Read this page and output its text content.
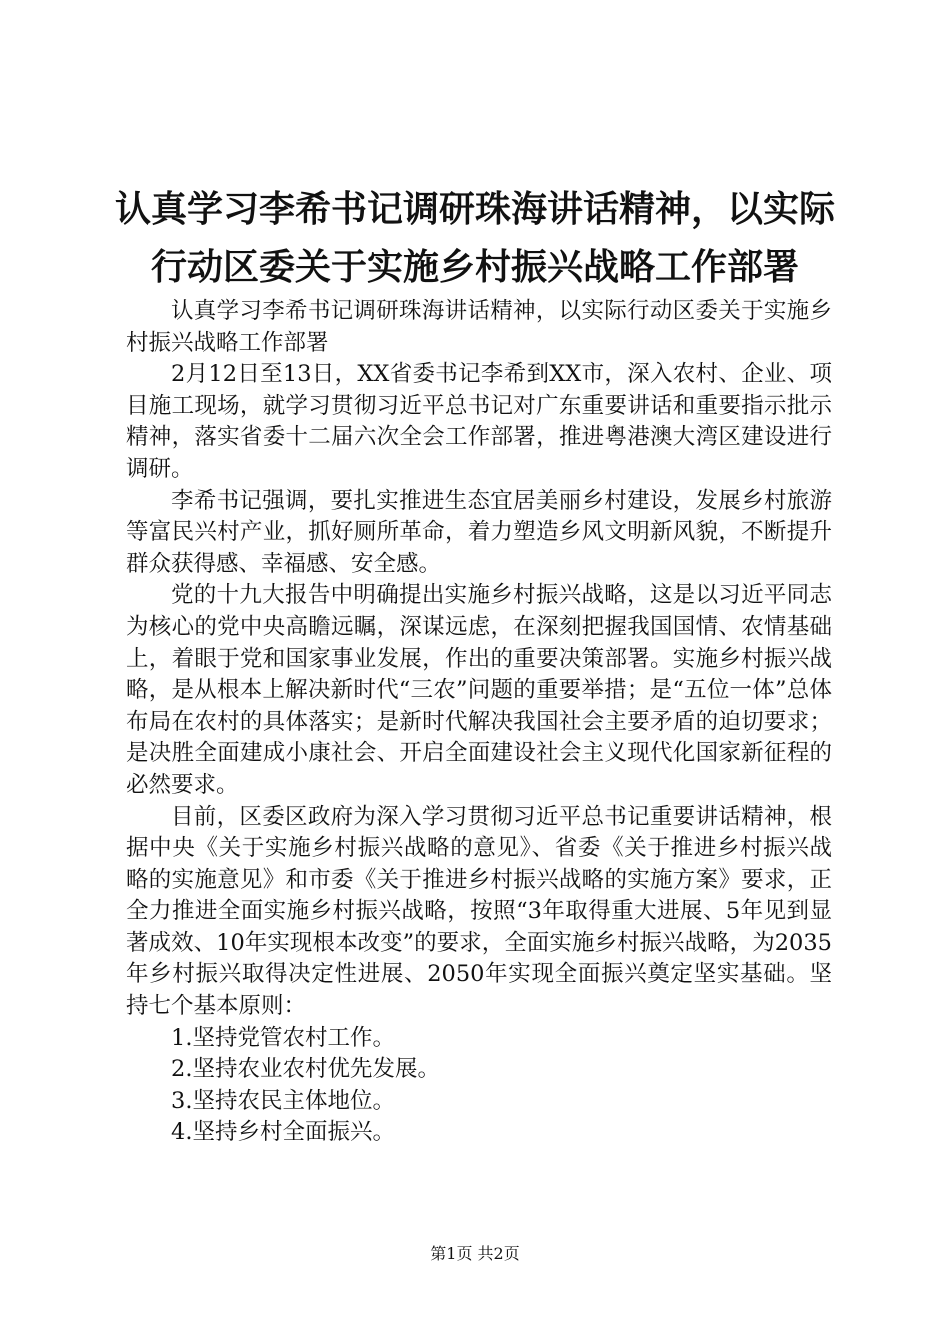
认真学习李希书记调研珠海讲话精神，以实际
行动区委关于实施乡村振兴战略工作部署

认真学习李希书记调研珠海讲话精神，以实际行动区委关于实施乡村振兴战略工作部署

2月12日至13日，XX省委书记李希到XX市，深入农村、企业、项目施工现场，就学习贯彻习近平总书记对广东重要讲话和重要指示批示精神，落实省委十二届六次全会工作部署，推进粤港澳大湾区建设进行调研。

李希书记强调，要扎实推进生态宜居美丽乡村建设，发展乡村旅游等富民兴村产业，抓好厕所革命，着力塑造乡风文明新风貌，不断提升群众获得感、幸福感、安全感。

党的十九大报告中明确提出实施乡村振兴战略，这是以习近平同志为核心的党中央高瞻远瞩，深谋远虑，在深刻把握我国国情、农情基础上，着眼于党和国家事业发展，作出的重要决策部署。实施乡村振兴战略，是从根本上解决新时代“三农”问题的重要举措；是“五位一体”总体布局在农村的具体落实；是新时代解决我国社会主要矛盾的迫切要求；是决胜全面建成小康社会、开启全面建设社会主义现代化国家新征程的必然要求。

目前，区委区政府为深入学习贯彻习近平总书记重要讲话精神，根据中央《关于实施乡村振兴战略的意见》、省委《关于推进乡村振兴战略的实施意见》和市委《关于推进乡村振兴战略的实施方案》要求，正全力推进全面实施乡村振兴战略，按照“3年取得重大进展、5年见到显著成效、10年实现根本改变”的要求，全面实施乡村振兴战略，为2035年乡村振兴取得决定性进展、2050年实现全面振兴奠定坚实基础。坚持七个基本原则：

1.坚持党管农村工作。

2.坚持农业农村优先发展。

3.坚持农民主体地位。

4.坚持乡村全面振兴。

第1页 共2页
